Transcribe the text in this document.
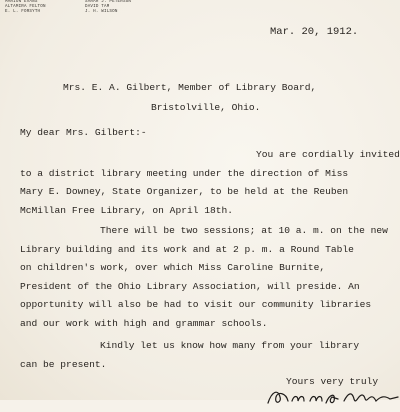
MARION EVANS
ALTAMIRA FELTON
E. L. FORSYTH
SARAH J. PETERSON
DAVID TAM
J. H. WILSON
Mar. 20, 1912.
Mrs. E. A. Gilbert, Member of Library Board,
Bristolville, Ohio.
My dear Mrs. Gilbert:-
You are cordially invited
to a district library meeting under the direction of Miss
Mary E. Downey, State Organizer, to be held at the Reuben
McMillan Free Library, on April 18th.
There will be two sessions; at 10 a. m. on the new
Library building and its work and at 2 p. m. a Round Table
on children's work, over which Miss Caroline Burnite,
President of the Ohio Library Association, will preside. An
opportunity will also be had to visit our community libraries
and our work with high and grammar schools.
Kindly let us know how many from your library
can be present.
Yours very truly
